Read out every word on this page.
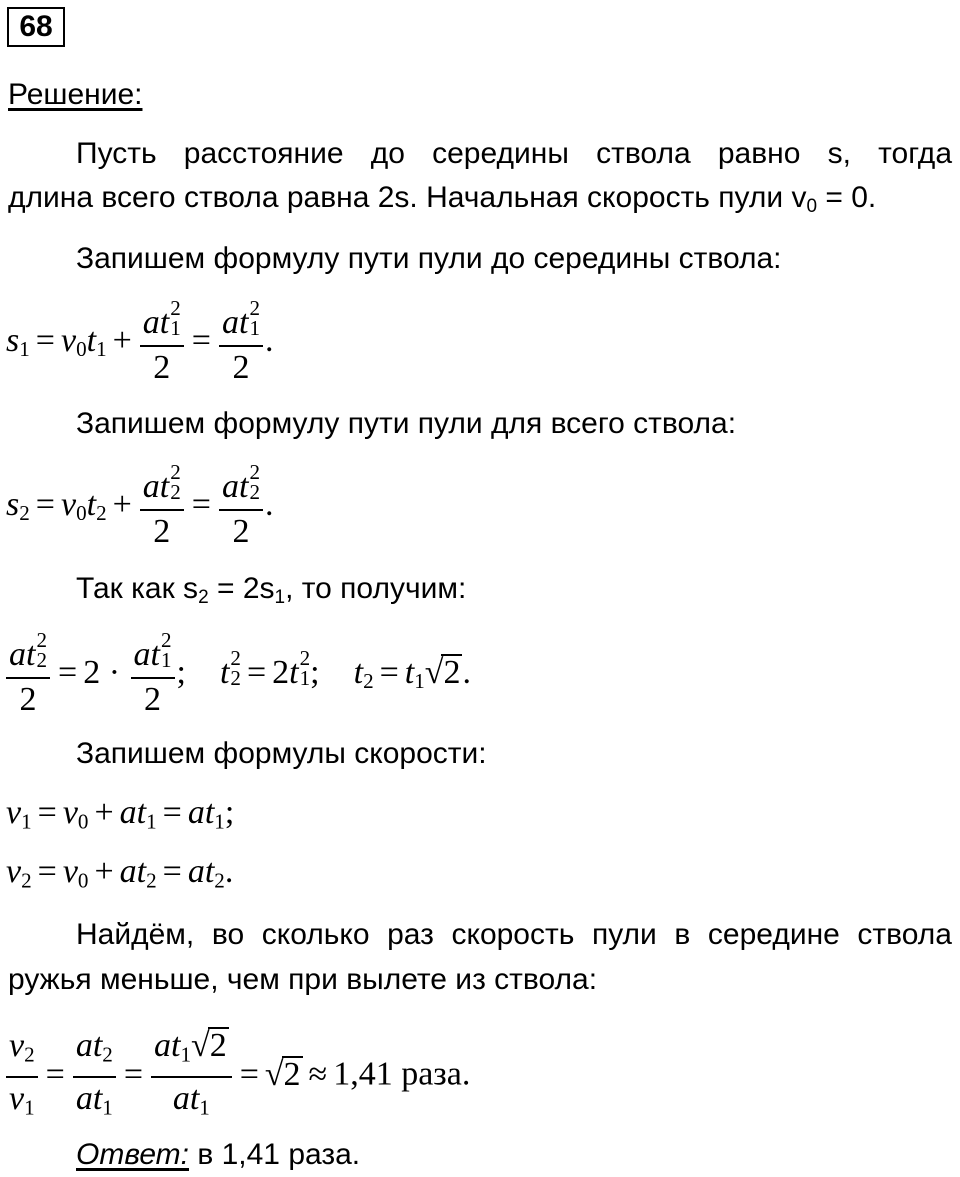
68
Решение:
Пусть расстояние до середины ствола равно s, тогда
длина всего ствола равна 2s. Начальная скорость пули $v_0 = 0$.
Запишем формулу пути пули до середины ствола:
$s_1 = v_0t_1$ + at 2
1
2 = at 2
1
2 .
Запишем формулу пути пули для всего ствола:
$s_2 = v_0t_2$ + at 2
2
2 = at 2
2
2 .
Так как $s_2 = 2s_1$, то получим:
at 2
2
2 = 2 · at 2
1
2 ;    t 2
2 = 2t 2
1 ;    $t_2 = t_1√2$.
Запишем формулы скорости:
$v_1 = v_0 + at_1 = at_1$;
$v_2 = v_0 + at_2 = at_2$.
Найдём, во сколько раз скорость пули в середине ствола
ружья меньше, чем при вылете из ствола:
$\frac{v_2}{v_1} = \frac{at_2}{at_1} = \frac{at_1√2}{at_1} = √2 \approx 1,41$ раза.
Ответ: в 1,41 раза.
